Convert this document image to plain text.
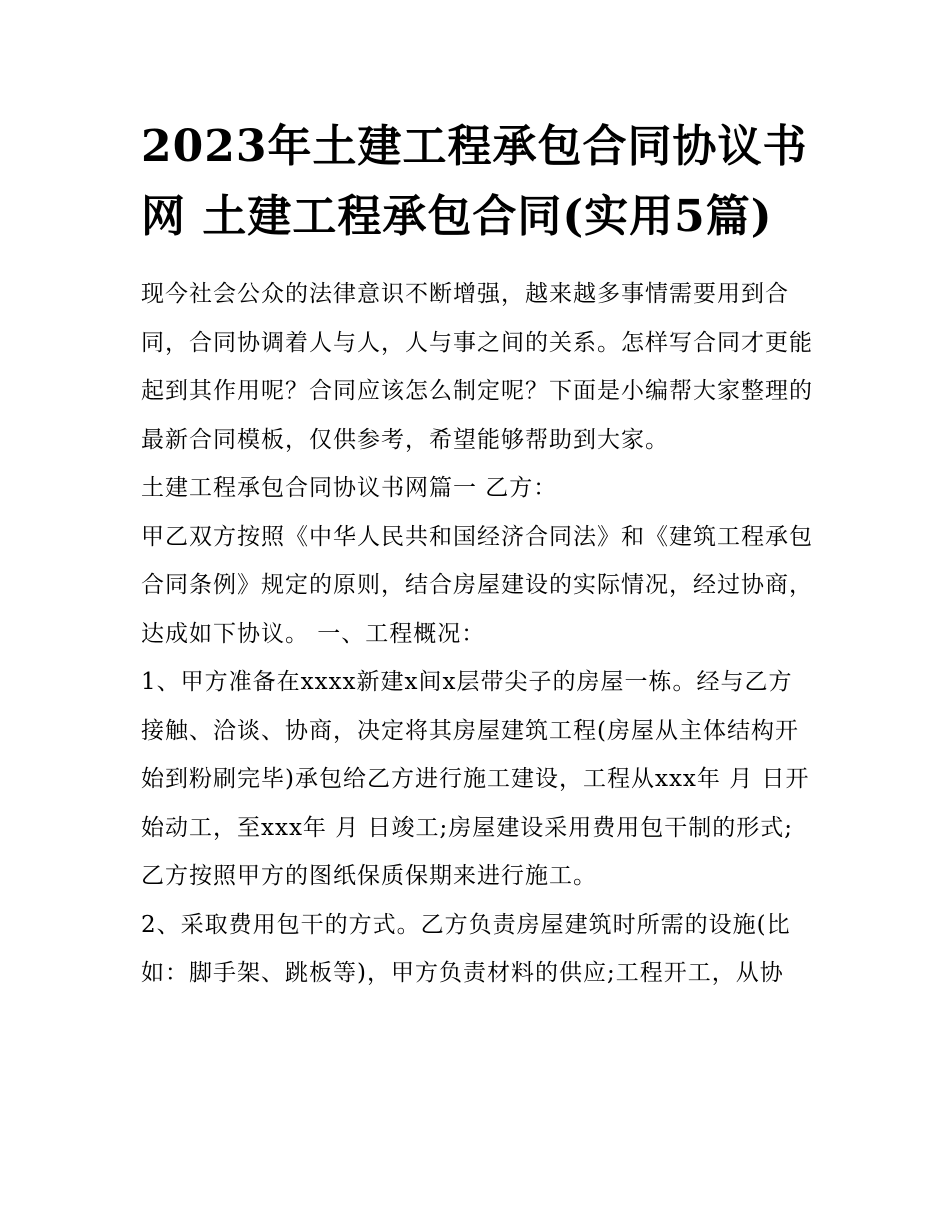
2023年土建工程承包合同协议书网 土建工程承包合同(实用5篇)

现今社会公众的法律意识不断增强，越来越多事情需要用到合同，合同协调着人与人，人与事之间的关系。怎样写合同才更能起到其作用呢？合同应该怎么制定呢？下面是小编帮大家整理的最新合同模板，仅供参考，希望能够帮助到大家。

土建工程承包合同协议书网篇一 乙方：

甲乙双方按照《中华人民共和国经济合同法》和《建筑工程承包合同条例》规定的原则，结合房屋建设的实际情况，经过协商，达成如下协议。 一、工程概况：

1、甲方准备在xxxx新建x间x层带尖子的房屋一栋。经与乙方接触、洽谈、协商，决定将其房屋建筑工程(房屋从主体结构开始到粉刷完毕)承包给乙方进行施工建设，工程从xxx年 月 日开始动工，至xxx年 月 日竣工;房屋建设采用费用包干制的形式;乙方按照甲方的图纸保质保期来进行施工。

2、采取费用包干的方式。乙方负责房屋建筑时所需的设施(比如：脚手架、跳板等)，甲方负责材料的供应;工程开工，从协
